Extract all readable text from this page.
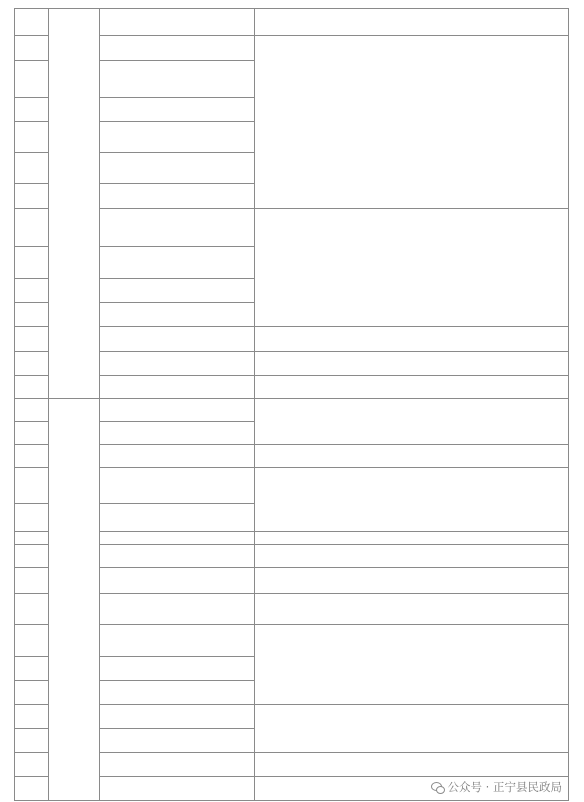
公众号 · 正宁县民政局
